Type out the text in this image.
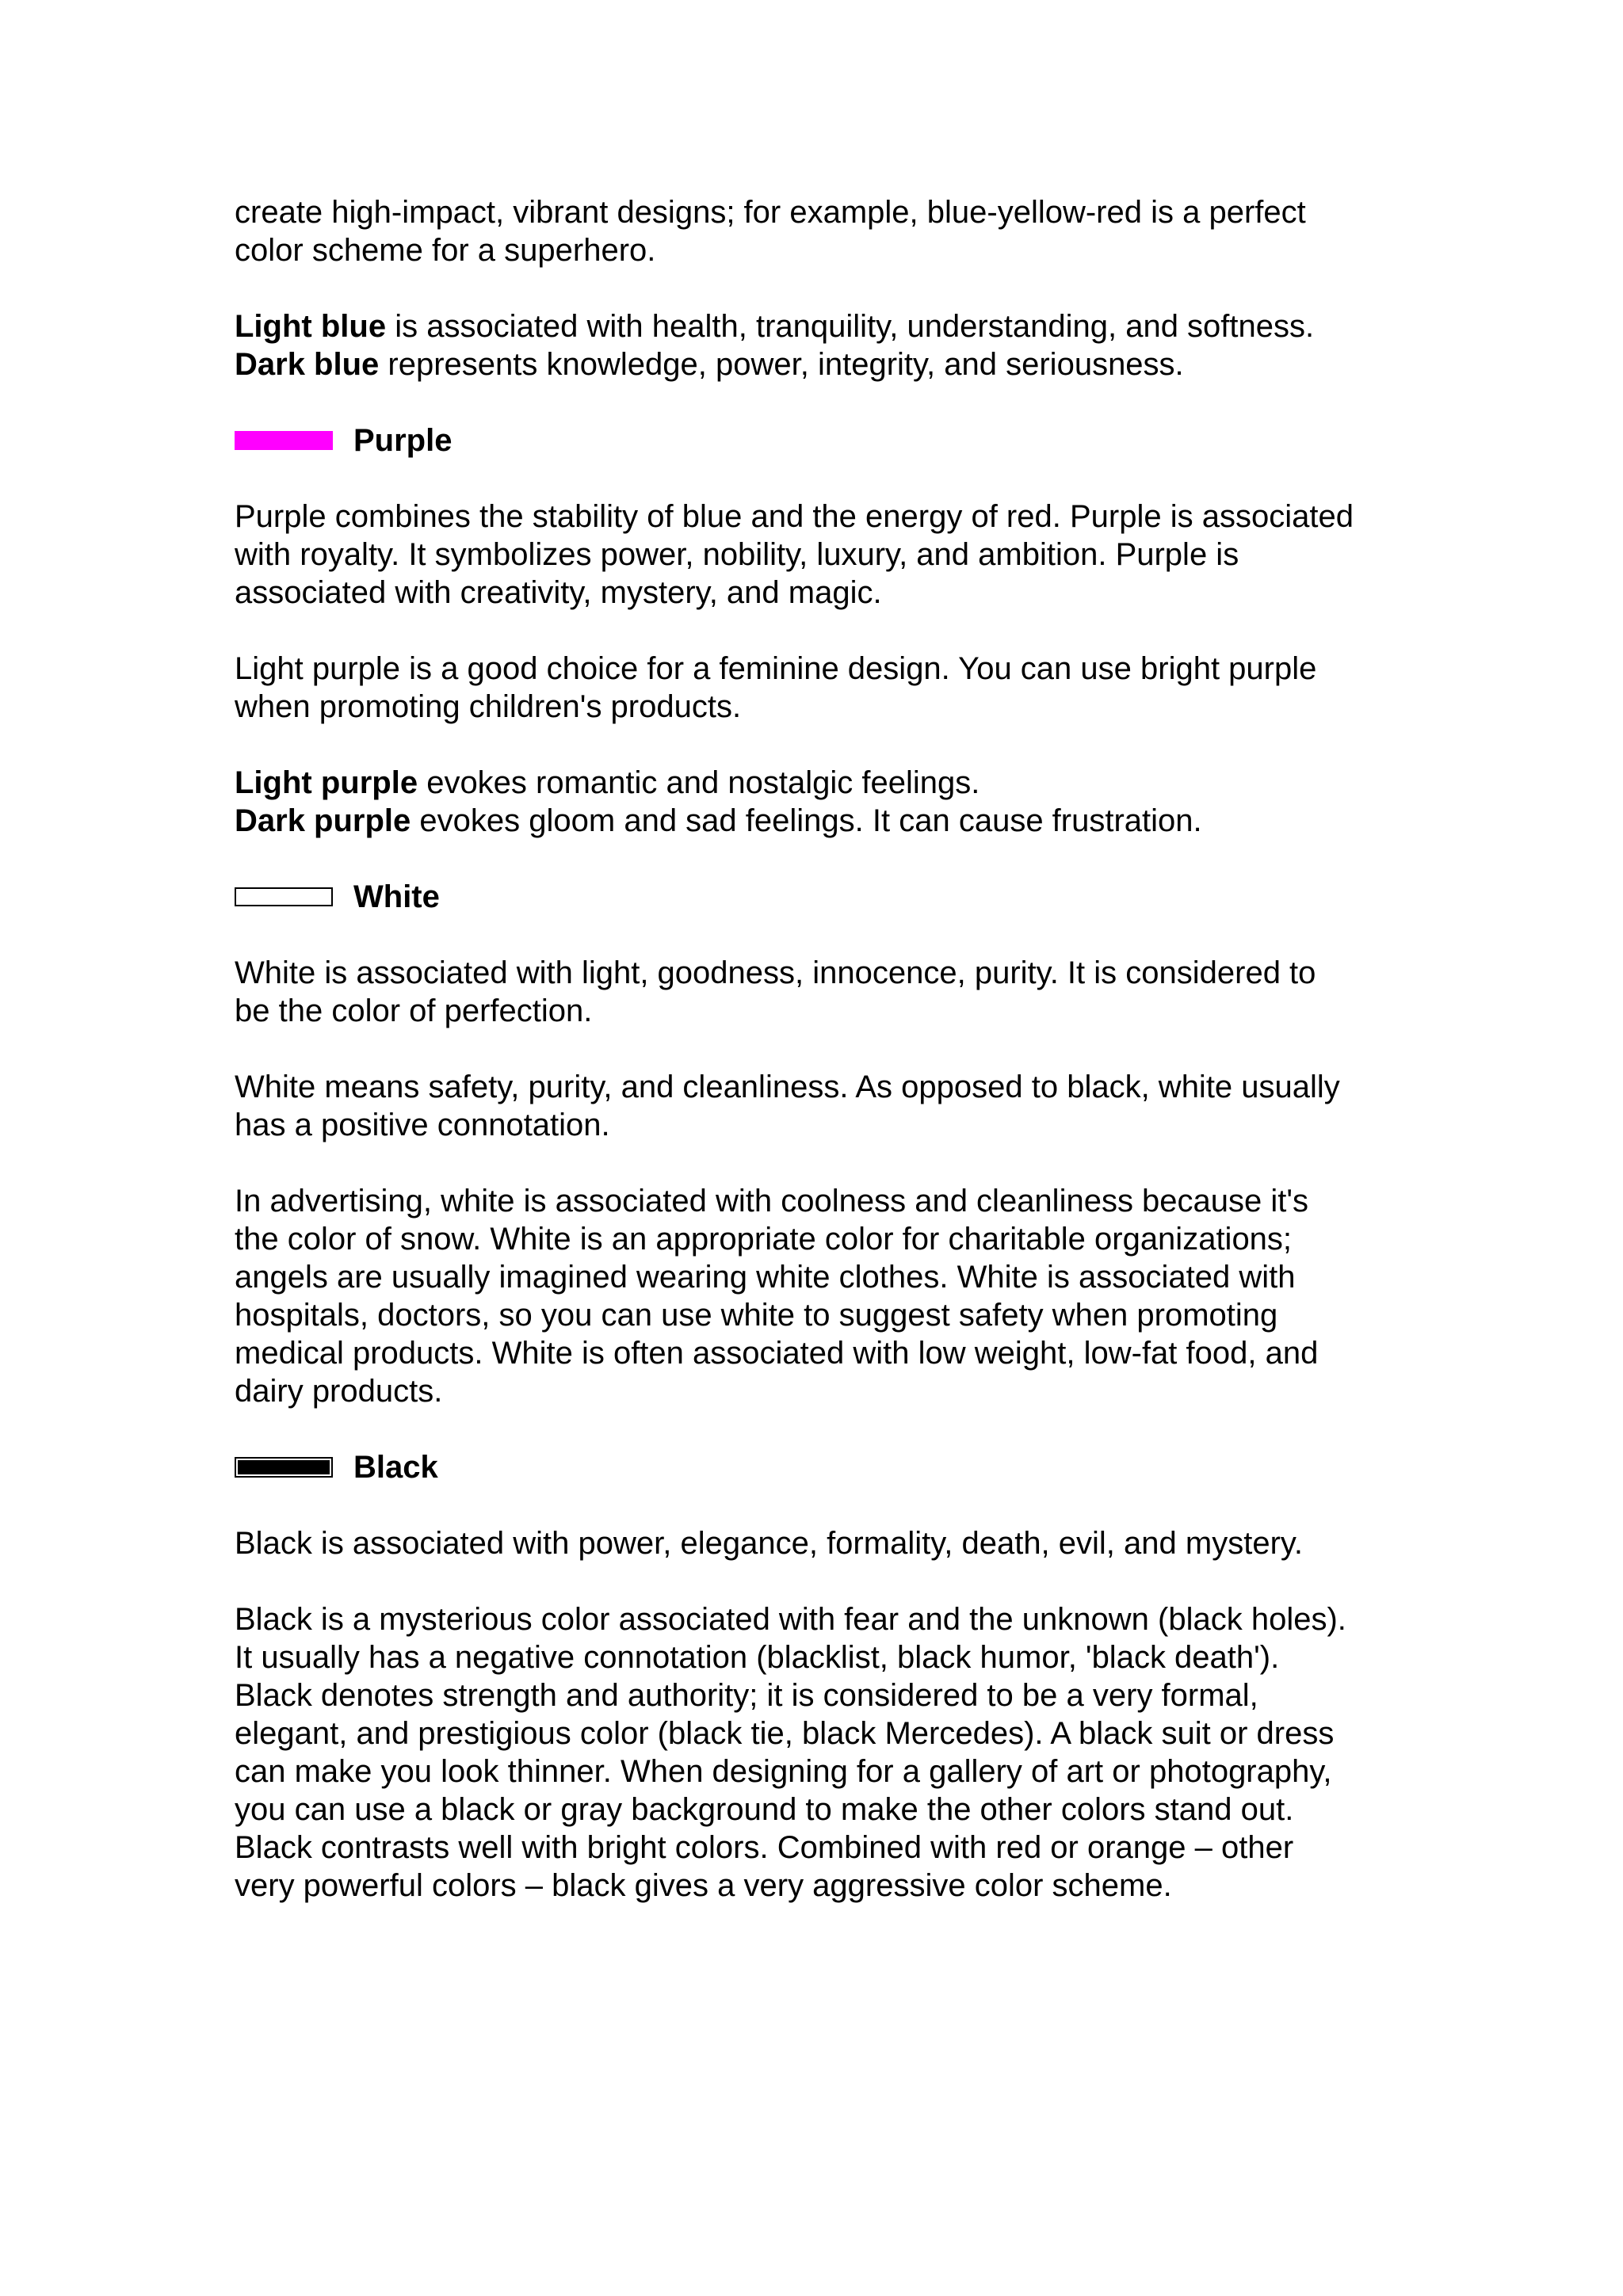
create high-impact, vibrant designs; for example, blue-yellow-red is a perfect
color scheme for a superhero.

Light blue is associated with health, tranquility, understanding, and softness.

Dark blue represents knowledge, power, integrity, and seriousness.

Purple

Purple combines the stability of blue and the energy of red. Purple is associated
with royalty. It symbolizes power, nobility, luxury, and ambition. Purple is
associated with creativity, mystery, and magic.

Light purple is a good choice for a feminine design. You can use bright purple
when promoting children's products.

Light purple evokes romantic and nostalgic feelings.

Dark purple evokes gloom and sad feelings. It can cause frustration.

White

White is associated with light, goodness, innocence, purity. It is considered to
be the color of perfection.

White means safety, purity, and cleanliness. As opposed to black, white usually
has a positive connotation.

In advertising, white is associated with coolness and cleanliness because it's
the color of snow. White is an appropriate color for charitable organizations;
angels are usually imagined wearing white clothes. White is associated with
hospitals, doctors, so you can use white to suggest safety when promoting
medical products. White is often associated with low weight, low-fat food, and
dairy products.

Black

Black is associated with power, elegance, formality, death, evil, and mystery.

Black is a mysterious color associated with fear and the unknown (black holes).
It usually has a negative connotation (blacklist, black humor, 'black death').
Black denotes strength and authority; it is considered to be a very formal,
elegant, and prestigious color (black tie, black Mercedes). A black suit or dress
can make you look thinner. When designing for a gallery of art or photography,
you can use a black or gray background to make the other colors stand out.
Black contrasts well with bright colors. Combined with red or orange – other
very powerful colors – black gives a very aggressive color scheme.
